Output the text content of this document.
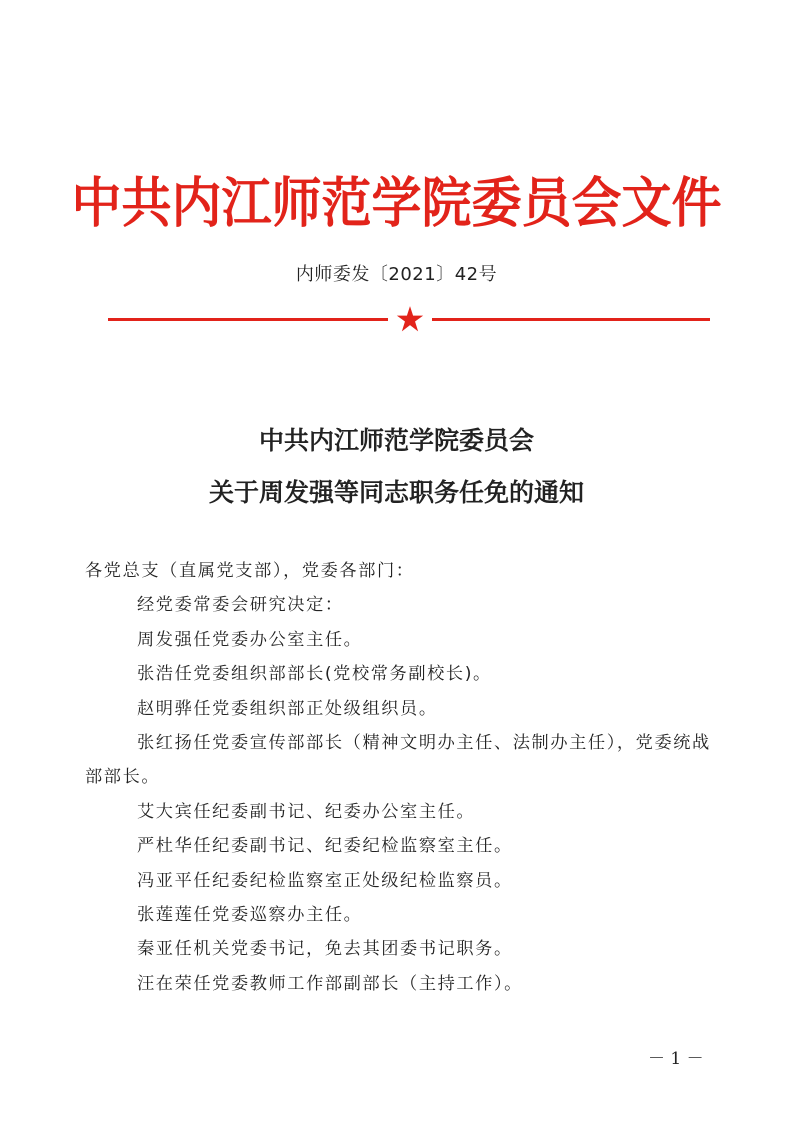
中共内江师范学院委员会文件
内师委发〔2021〕42号
中共内江师范学院委员会
关于周发强等同志职务任免的通知

各党总支（直属党支部），党委各部门：

经党委常委会研究决定：

周发强任党委办公室主任。

张浩任党委组织部部长(党校常务副校长)。

赵明骅任党委组织部正处级组织员。

张红扬任党委宣传部部长（精神文明办主任、法制办主任），党委统战部部长。

艾大宾任纪委副书记、纪委办公室主任。

严杜华任纪委副书记、纪委纪检监察室主任。

冯亚平任纪委纪检监察室正处级纪检监察员。

张莲莲任党委巡察办主任。

秦亚任机关党委书记，免去其团委书记职务。

汪在荣任党委教师工作部副部长（主持工作）。

－ 1 －
